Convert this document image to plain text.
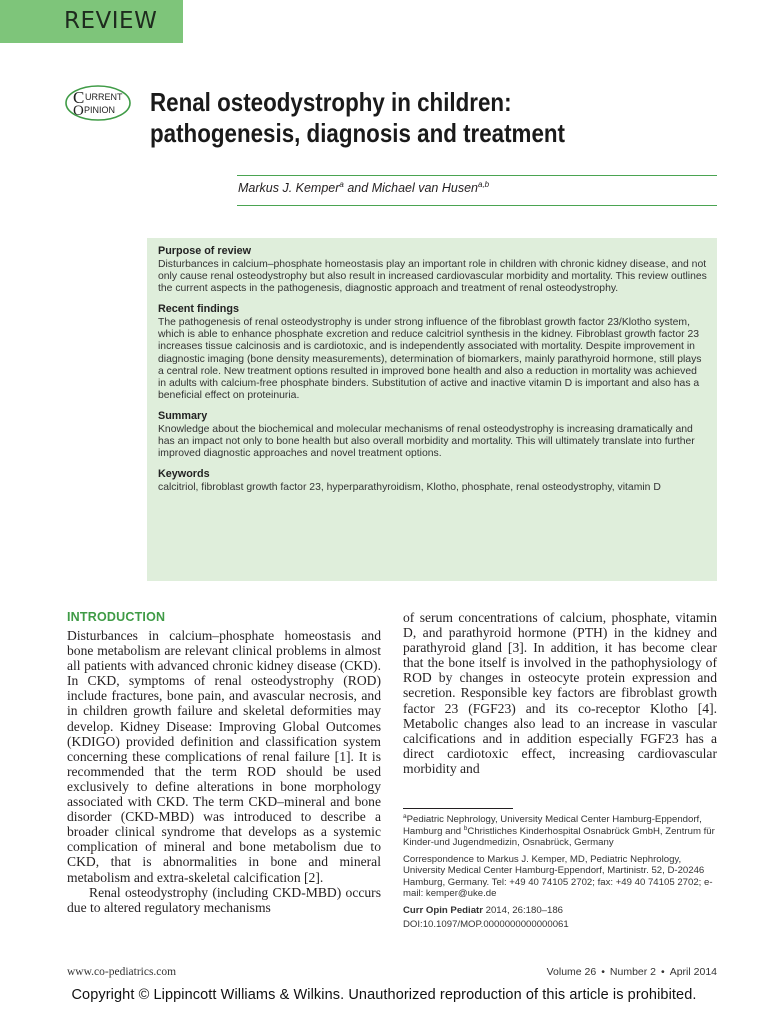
REVIEW
C URRENT
O PINION Renal osteodystrophy in children: pathogenesis, diagnosis and treatment
Markus J. Kemper$^a$ and Michael van Husen$^{a,b}$
Purpose of review

Disturbances in calcium–phosphate homeostasis play an important role in children with chronic kidney disease, and not only cause renal osteodystrophy but also result in increased cardiovascular morbidity and mortality. This review outlines the current aspects in the pathogenesis, diagnostic approach and treatment of renal osteodystrophy.

Recent findings

The pathogenesis of renal osteodystrophy is under strong influence of the fibroblast growth factor 23/Klotho system, which is able to enhance phosphate excretion and reduce calcitriol synthesis in the kidney. Fibroblast growth factor 23 increases tissue calcinosis and is cardiotoxic, and is independently associated with mortality. Despite improvement in diagnostic imaging (bone density measurements), determination of biomarkers, mainly parathyroid hormone, still plays a central role. New treatment options resulted in improved bone health and also a reduction in mortality was achieved in adults with calcium-free phosphate binders. Substitution of active and inactive vitamin D is important and also has a beneficial effect on proteinuria.

Summary

Knowledge about the biochemical and molecular mechanisms of renal osteodystrophy is increasing dramatically and has an impact not only to bone health but also overall morbidity and mortality. This will ultimately translate into further improved diagnostic approaches and novel treatment options.

Keywords

calcitriol, fibroblast growth factor 23, hyperparathyroidism, Klotho, phosphate, renal osteodystrophy, vitamin D

INTRODUCTION

Disturbances in calcium–phosphate homeostasis and bone metabolism are relevant clinical problems in almost all patients with advanced chronic kidney disease (CKD). In CKD, symptoms of renal osteodystrophy (ROD) include fractures, bone pain, and avascular necrosis, and in children growth failure and skeletal deformities may develop. Kidney Disease: Improving Global Outcomes (KDIGO) provided definition and classification system concerning these complications of renal failure [1]. It is recommended that the term ROD should be used exclusively to define alterations in bone morphology associated with CKD. The term CKD–mineral and bone disorder (CKD-MBD) was introduced to describe a broader clinical syndrome that develops as a systemic complication of mineral and bone metabolism due to CKD, that is abnormalities in bone and mineral metabolism and extra-skeletal calcification [2].

Renal osteodystrophy (including CKD-MBD) occurs due to altered regulatory mechanisms

of serum concentrations of calcium, phosphate, vitamin D, and parathyroid hormone (PTH) in the kidney and parathyroid gland [3]. In addition, it has become clear that the bone itself is involved in the pathophysiology of ROD by changes in osteocyte protein expression and secretion. Responsible key factors are fibroblast growth factor 23 (FGF23) and its co-receptor Klotho [4]. Metabolic changes also lead to an increase in vascular calcifications and in addition especially FGF23 has a direct cardiotoxic effect, increasing cardiovascular morbidity and

$^a$Pediatric Nephrology, University Medical Center Hamburg-Eppendorf, Hamburg and $^b$Christliches Kinderhospital Osnabrück GmbH, Zentrum für Kinder-und Jugendmedizin, Osnabrück, Germany

Correspondence to Markus J. Kemper, MD, Pediatric Nephrology, University Medical Center Hamburg-Eppendorf, Martinistr. 52, D-20246 Hamburg, Germany. Tel: +49 40 74105 2702; fax: +49 40 74105 2702; e-mail: kemper@uke.de

Curr Opin Pediatr 2014, 26:180–186

DOI:10.1097/MOP.0000000000000061

www.co-pediatrics.com	Volume 26 • Number 2 • April 2014
Copyright © Lippincott Williams & Wilkins. Unauthorized reproduction of this article is prohibited.
